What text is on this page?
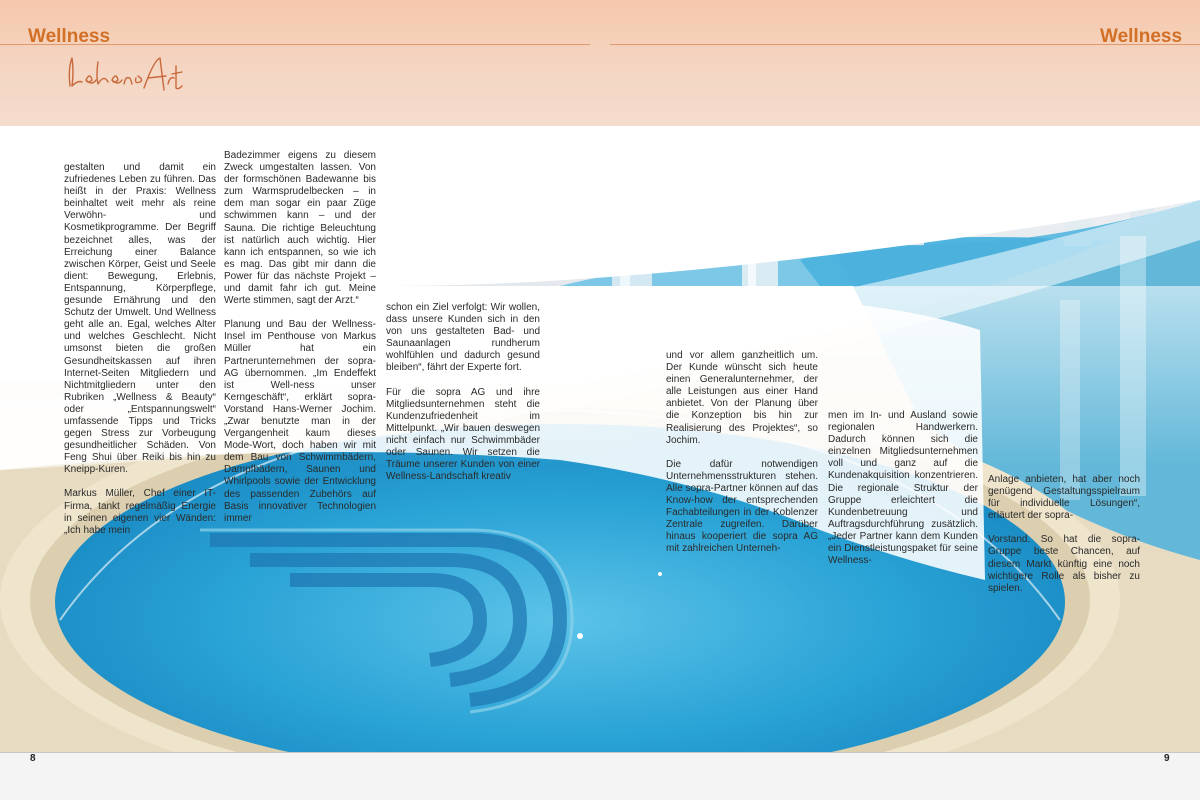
Wellness	Wellness

gestalten und damit ein zufriedenes Leben zu führen. Das heißt in der Praxis: Wellness beinhaltet weit mehr als reine Verwöhn- und Kosmetikprogramme. Der Begriff bezeichnet alles, was der Erreichung einer Balance zwischen Körper, Geist und Seele dient: Bewegung, Erlebnis, Entspannung, Körperpflege, gesunde Ernährung und den Schutz der Umwelt. Und Wellness geht alle an. Egal, welches Alter und welches Geschlecht. Nicht umsonst bieten die großen Gesundheitskassen auf ihren Internet-Seiten Mitgliedern und Nichtmitgliedern unter den Rubriken „Wellness & Beauty“ oder „Entspannungswelt“ umfassende Tipps und Tricks gegen Stress zur Vorbeugung gesundheitlicher Schäden. Von Feng Shui über Reiki bis hin zu Kneipp-Kuren.

Markus Müller, Chef einer IT-Firma, tankt regelmäßig Energie in seinen eigenen vier Wänden: „Ich habe mein

Badezimmer eigens zu diesem Zweck umgestalten lassen. Von der formschönen Badewanne bis zum Warmsprudelbecken – in dem man sogar ein paar Züge schwimmen kann – und der Sauna. Die richtige Beleuchtung ist natürlich auch wichtig. Hier kann ich entspannen, so wie ich es mag. Das gibt mir dann die Power für das nächste Projekt – und damit fahr ich gut. Meine Werte stimmen, sagt der Arzt.“

Planung und Bau der Wellness-Insel im Penthouse von Markus Müller hat ein Partnerunternehmen der sopra-AG übernommen. „Im Endeffekt ist Well-ness unser Kerngeschäft“, erklärt sopra-Vorstand Hans-Werner Jochim. „Zwar benutzte man in der Vergangenheit kaum dieses Mode-Wort, doch haben wir mit dem Bau von Schwimmbädern, Dampfbädern, Saunen und Whirlpools sowie der Entwicklung des passenden Zubehörs auf Basis innovativer Technologien immer

schon ein Ziel verfolgt: Wir wollen, dass unsere Kunden sich in den von uns gestalteten Bad- und Saunaanlagen rundherum wohlfühlen und dadurch gesund bleiben“, fährt der Experte fort.

Für die sopra AG und ihre Mitgliedsunternehmen steht die Kundenzufriedenheit im Mittelpunkt. „Wir bauen deswegen nicht einfach nur Schwimmbäder oder Saunen. Wir setzen die Träume unserer Kunden von einer Wellness-Landschaft kreativ

und vor allem ganzheitlich um. Der Kunde wünscht sich heute einen Generalunternehmer, der alle Leistungen aus einer Hand anbietet. Von der Planung über die Konzeption bis hin zur Realisierung des Projektes“, so Jochim.

Die dafür notwendigen Unternehmensstrukturen stehen. Alle sopra-Partner können auf das Know-how der entsprechenden Fachabteilungen in der Koblenzer Zentrale zugreifen. Darüber hinaus kooperiert die sopra AG mit zahlreichen Unterneh-

men im In- und Ausland sowie regionalen Handwerkern. Dadurch können sich die einzelnen Mitgliedsunternehmen voll und ganz auf die Kundenakquisition konzentrieren. Die regionale Struktur der Gruppe erleichtert die Kundenbetreuung und Auftragsdurchführung zusätzlich. „Jeder Partner kann dem Kunden ein Dienstleistungspaket für seine Wellness-

Anlage anbieten, hat aber noch genügend Gestaltungsspielraum für individuelle Lösungen“, erläutert der sopra-

Vorstand. So hat die sopra-Gruppe beste Chancen, auf diesem Markt künftig eine noch wichtigere Rolle als bisher zu spielen.

8	9
